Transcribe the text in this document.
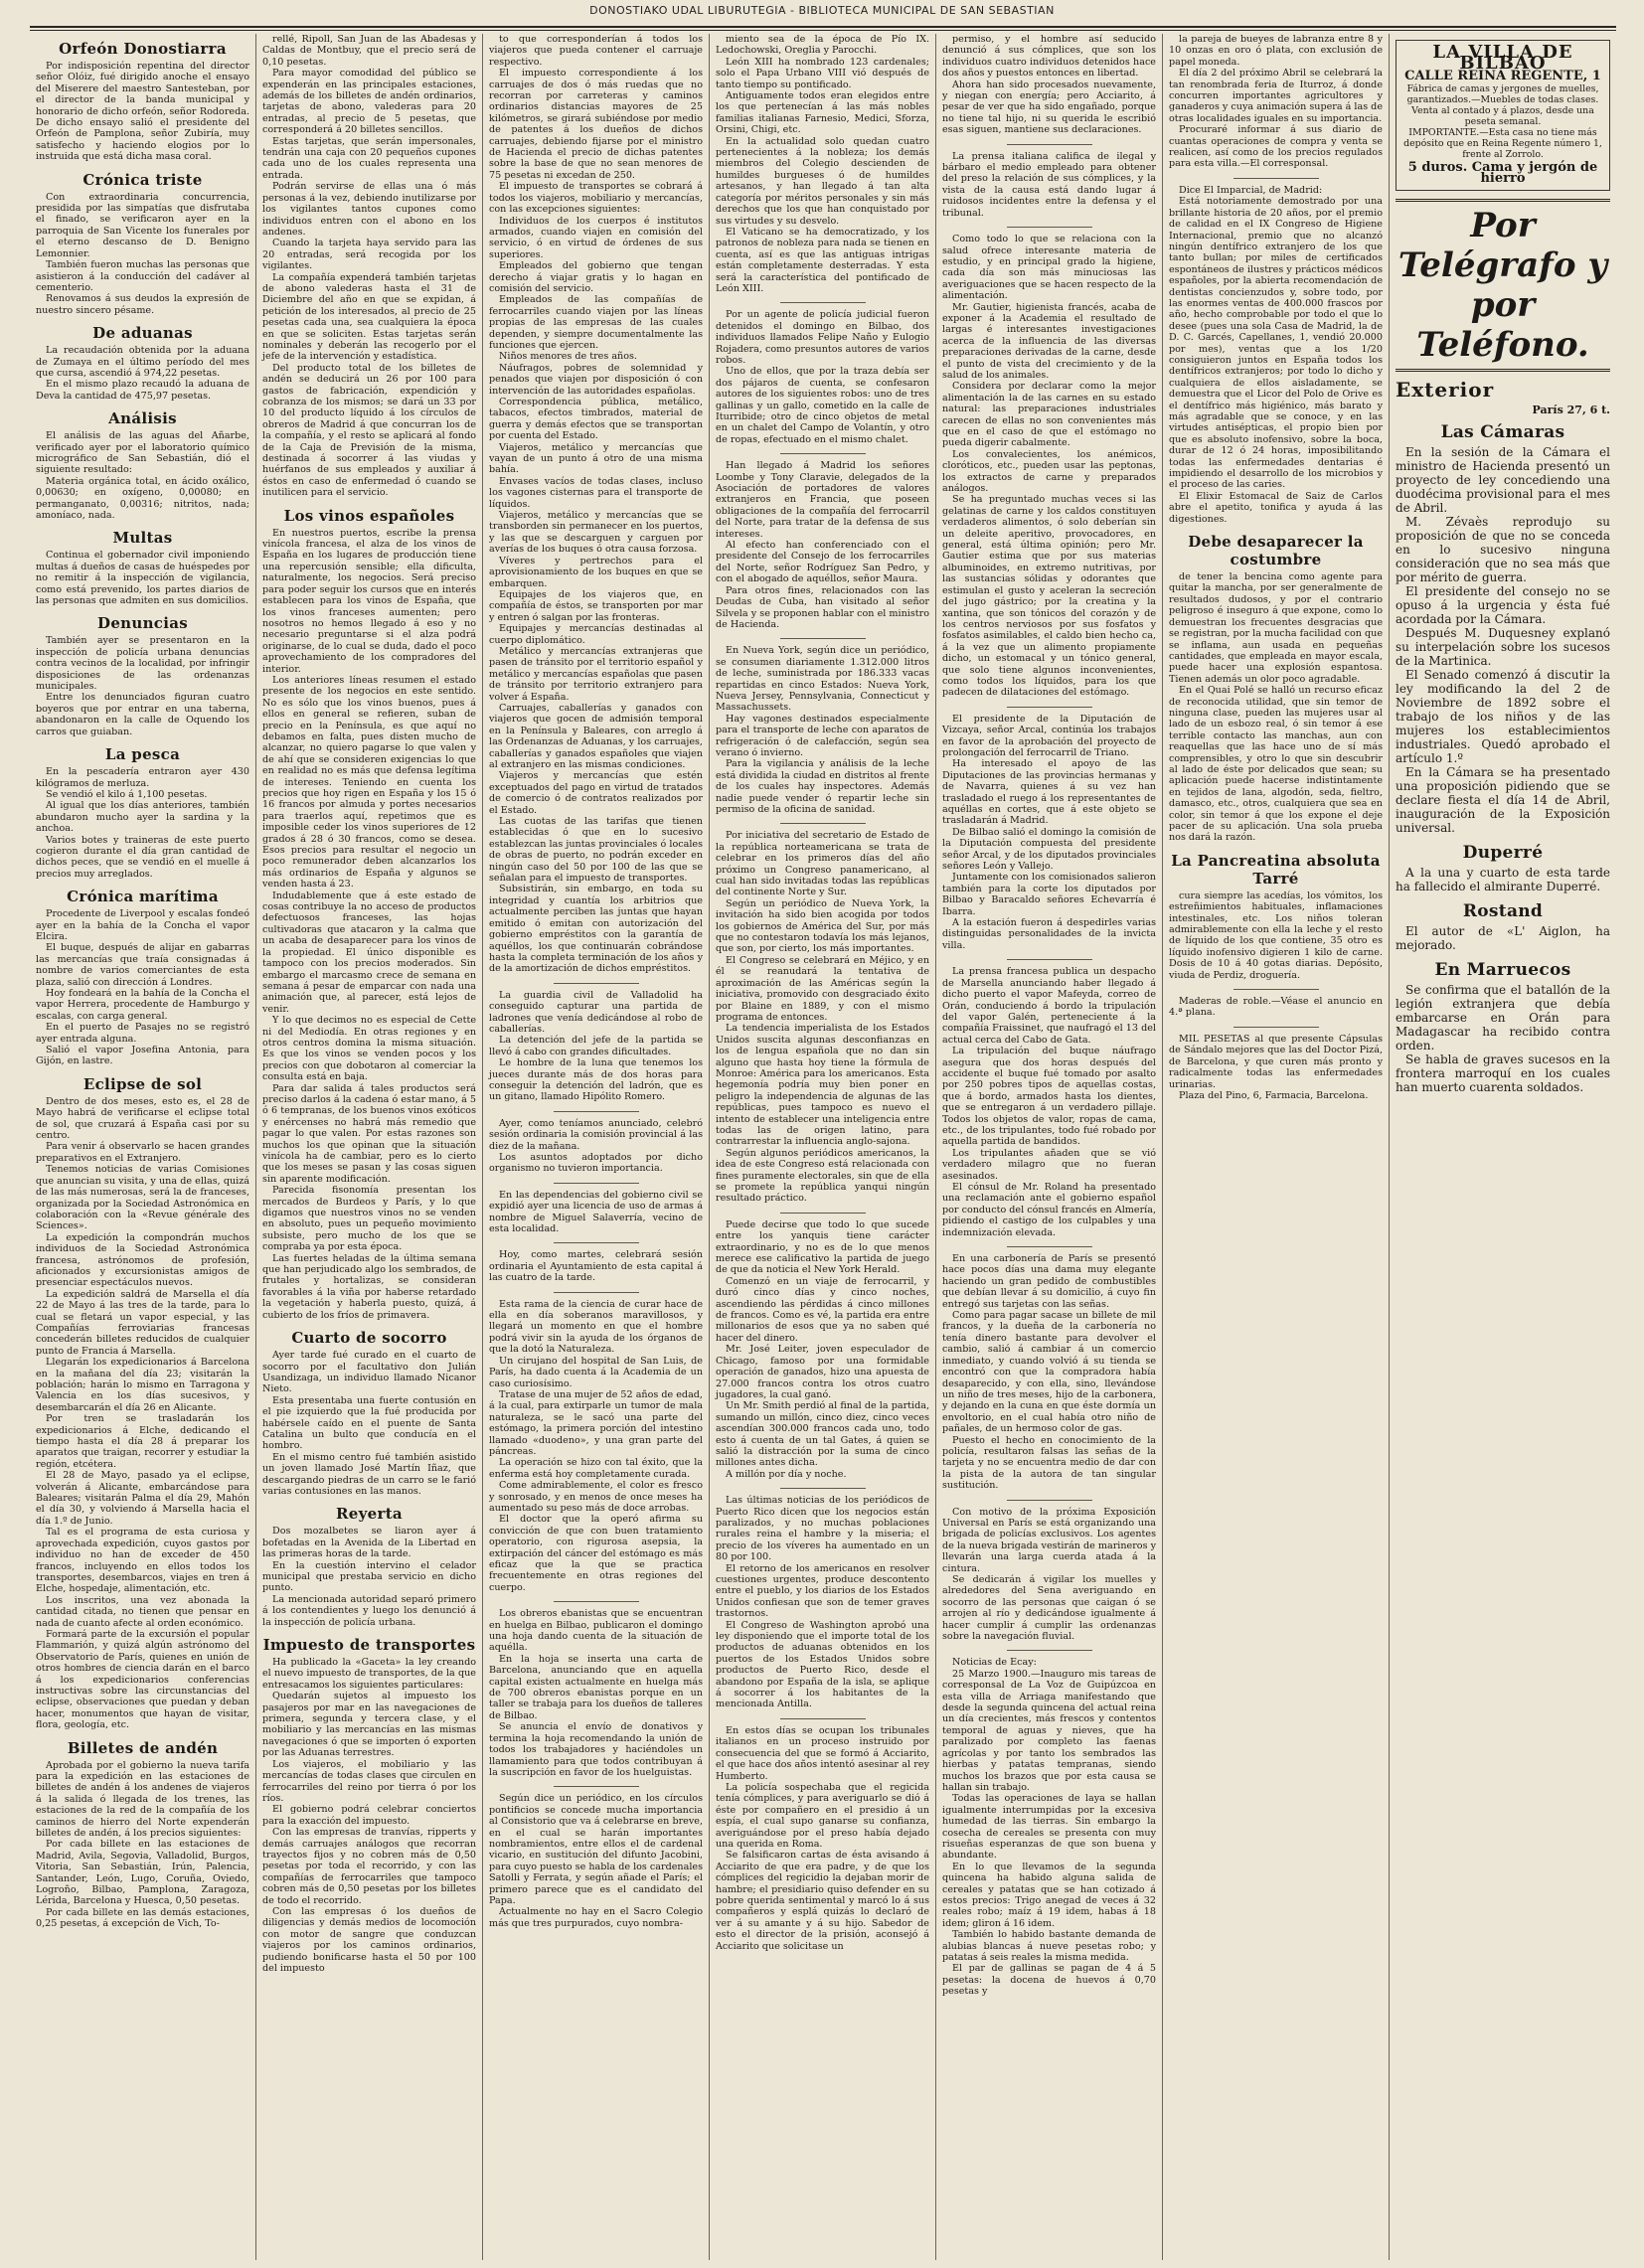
DONOSTIAKO UDAL LIBURUTEGIA - BIBLIOTECA MUNICIPAL DE SAN SEBASTIAN
Orfeón Donostiarra

Por indisposición repentina del director señor Olóiz, fué dirigido anoche el ensayo del Miserere del maestro Santesteban, por el director de la banda municipal y honorario de dicho orfeón, señor Rodoreda. De dicho ensayo salió el presidente del Orfeón de Pamplona, señor Zubiría, muy satisfecho y haciendo elogios por lo instruida que está dicha masa coral.

Crónica triste

Con extraordinaria concurrencia, presidida por las simpatías que disfrutaba el finado, se verificaron ayer en la parroquia de San Vicente los funerales por el eterno descanso de D. Benigno Lemonnier.

También fueron muchas las personas que asistieron á la conducción del cadáver al cementerio.

Renovamos á sus deudos la expresión de nuestro sincero pésame.

De aduanas

La recaudación obtenida por la aduana de Zumaya en el último período del mes que cursa, ascendió á 974,22 pesetas.

En el mismo plazo recaudó la aduana de Deva la cantidad de 475,97 pesetas.

Análisis

El análisis de las aguas del Añarbe, verificado ayer por el laboratorio químico micrográfico de San Sebastián, dió el siguiente resultado:

Materia orgánica total, en ácido oxálico, 0,00630; en oxígeno, 0,00080; en permanganato, 0,00316; nitritos, nada; amoníaco, nada.

Multas

Continua el gobernador civil imponiendo multas á dueños de casas de huéspedes por no remitir á la inspección de vigilancia, como está prevenido, los partes diarios de las personas que admiten en sus domicilios.

Denuncias

También ayer se presentaron en la inspección de policía urbana denuncias contra vecinos de la localidad, por infringir disposiciones de las ordenanzas municipales.

Entre los denunciados figuran cuatro boyeros que por entrar en una taberna, abandonaron en la calle de Oquendo los carros que guiaban.

La pesca

En la pescadería entraron ayer 430 kilógramos de merluza.

Se vendió el kilo á 1,100 pesetas.

Al igual que los días anteriores, también abundaron mucho ayer la sardina y la anchoa.

Varios botes y traineras de este puerto cogieron durante el día gran cantidad de dichos peces, que se vendió en el muelle á precios muy arreglados.

Crónica marítima

Procedente de Liverpool y escalas fondeó ayer en la bahía de la Concha el vapor Elcira.

El buque, después de alijar en gabarras las mercancías que traía consignadas á nombre de varios comerciantes de esta plaza, salió con dirección á Londres.

Hoy fondeará en la bahía de la Concha el vapor Herrera, procedente de Hamburgo y escalas, con carga general.

En el puerto de Pasajes no se registró ayer entrada alguna.

Salió el vapor Josefina Antonia, para Gijón, en lastre.

Eclipse de sol

Dentro de dos meses, esto es, el 28 de Mayo habrá de verificarse el eclipse total de sol, que cruzará á España casi por su centro.

Para venir á observarlo se hacen grandes preparativos en el Extranjero.

Tenemos noticias de varias Comisiones que anuncian su visita, y una de ellas, quizá de las más numerosas, será la de franceses, organizada por la Sociedad Astronómica en colaboración con la «Revue générale des Sciences».

La expedición la compondrán muchos individuos de la Sociedad Astronómica francesa, astrónomos de profesión, aficionados y excursionistas amigos de presenciar espectáculos nuevos.

La expedición saldrá de Marsella el día 22 de Mayo á las tres de la tarde, para lo cual se fletará un vapor especial, y las Compañías ferroviarias francesas concederán billetes reducidos de cualquier punto de Francia á Marsella.

Llegarán los expedicionarios á Barcelona en la mañana del día 23; visitarán la población; harán lo mismo en Tarragona y Valencia en los días sucesivos, y desembarcarán el día 26 en Alicante.

Por tren se trasladarán los expedicionarios á Elche, dedicando el tiempo hasta el día 28 á preparar los aparatos que traigan, recorrer y estudiar la región, etcétera.

El 28 de Mayo, pasado ya el eclipse, volverán á Alicante, embarcándose para Baleares; visitarán Palma el día 29, Mahón el día 30, y volviendo á Marsella hacia el día 1.º de Junio.

Tal es el programa de esta curiosa y aprovechada expedición, cuyos gastos por individuo no han de exceder de 450 francos, incluyendo en ellos todos los transportes, desembarcos, viajes en tren á Elche, hospedaje, alimentación, etc.

Los inscritos, una vez abonada la cantidad citada, no tienen que pensar en nada de cuanto afecte al orden económico.

Formará parte de la excursión el popular Flammarión, y quizá algún astrónomo del Observatorio de París, quienes en unión de otros hombres de ciencia darán en el barco á los expedicionarios conferencias instructivas sobre las circunstancias del eclipse, observaciones que puedan y deban hacer, monumentos que hayan de visitar, flora, geología, etc.

Billetes de andén

Aprobada por el gobierno la nueva tarifa para la expedición en las estaciones de billetes de andén á los andenes de viajeros á la salida ó llegada de los trenes, las estaciones de la red de la compañía de los caminos de hierro del Norte expenderán billetes de andén, á los precios siguientes:

Por cada billete en las estaciones de Madrid, Avila, Segovia, Valladolid, Burgos, Vitoria, San Sebastián, Irún, Palencia, Santander, León, Lugo, Coruña, Oviedo, Logroño, Bilbao, Pamplona, Zaragoza, Lérida, Barcelona y Huesca, 0,50 pesetas.

Por cada billete en las demás estaciones, 0,25 pesetas, á excepción de Vich, To-

rellé, Ripoll, San Juan de las Abadesas y Caldas de Montbuy, que el precio será de 0,10 pesetas.

Para mayor comodidad del público se expenderán en las principales estaciones, además de los billetes de andén ordinarios, tarjetas de abono, valederas para 20 entradas, al precio de 5 pesetas, que corresponderá á 20 billetes sencillos.

Estas tarjetas, que serán impersonales, tendrán una caja con 20 pequeños cupones cada uno de los cuales representa una entrada.

Podrán servirse de ellas una ó más personas á la vez, debiendo inutilizarse por los vigilantes tantos cupones como individuos entren con el abono en los andenes.

Cuando la tarjeta haya servido para las 20 entradas, será recogida por los vigilantes.

La compañía expenderá también tarjetas de abono valederas hasta el 31 de Diciembre del año en que se expidan, á petición de los interesados, al precio de 25 pesetas cada una, sea cualquiera la época en que se soliciten. Estas tarjetas serán nominales y deberán las recogerlo por el jefe de la intervención y estadística.

Del producto total de los billetes de andén se deducirá un 26 por 100 para gastos de fabricación, expendición y cobranza de los mismos; se dará un 33 por 10 del producto líquido á los círculos de obreros de Madrid á que concurran los de la compañía, y el resto se aplicará al fondo de la Caja de Previsión de la misma, destinada á socorrer á las viudas y huérfanos de sus empleados y auxiliar á éstos en caso de enfermedad ó cuando se inutilicen para el servicio.

Los vinos españoles

En nuestros puertos, escribe la prensa vinícola francesa, el alza de los vinos de España en los lugares de producción tiene una repercusión sensible; ella dificulta, naturalmente, los negocios. Será preciso para poder seguir los cursos que en interés establecen para los vinos de España, que los vinos franceses aumenten; pero nosotros no hemos llegado á eso y no necesario preguntarse si el alza podrá originarse, de lo cual se duda, dado el poco aprovechamiento de los compradores del interior.

Los anteriores líneas resumen el estado presente de los negocios en este sentido. No es sólo que los vinos buenos, pues á ellos en general se refieren, suban de precio en la Península, es que aquí no debamos en falta, pues disten mucho de alcanzar, no quiero pagarse lo que valen y de ahí que se consideren exigencias lo que en realidad no es más que defensa legítima de intereses. Teniendo en cuenta los precios que hoy rigen en España y los 15 ó 16 francos por almuda y portes necesarios para traerlos aquí, repetimos que es imposible ceder los vinos superiores de 12 grados á 28 ó 30 francos, como se desea. Esos precios para resultar el negocio un poco remunerador deben alcanzarlos los más ordinarios de España y algunos se venden hasta á 23.

Indudablemente que á este estado de cosas contribuye la no acceso de productos defectuosos franceses, las hojas cultivadoras que atacaron y la calma que un acaba de desaparecer para los vinos de la propiedad. El único disponible es tampoco con los precios moderados. Sin embargo el marcasmo crece de semana en semana á pesar de emparcar con nada una animación que, al parecer, está lejos de venir.

Y lo que decimos no es especial de Cette ni del Mediodía. En otras regiones y en otros centros domina la misma situación. Es que los vinos se venden pocos y los precios con que dobotaron al comerciar la consulta está en baja.

Para dar salida á tales productos será preciso darlos á la cadena ó estar mano, á 5 ó 6 tempranas, de los buenos vinos exóticos y enércenses no habrá más remedio que pagar lo que valen. Por estas razones son muchos los que opinan que la situación vinícola ha de cambiar, pero es lo cierto que los meses se pasan y las cosas siguen sin aparente modificación.

Parecida fisonomía presentan los mercados de Burdeos y París, y lo que digamos que nuestros vinos no se venden en absoluto, pues un pequeño movimiento subsiste, pero mucho de los que se compraba ya por esta época.

Las fuertes heladas de la última semana que han perjudicado algo los sembrados, de frutales y hortalizas, se consideran favorables á la viña por haberse retardado la vegetación y haberla puesto, quizá, á cubierto de los fríos de primavera.

Cuarto de socorro

Ayer tarde fué curado en el cuarto de socorro por el facultativo don Julián Usandizaga, un individuo llamado Nicanor Nieto.

Esta presentaba una fuerte contusión en el pie izquierdo que la fué producida por habérsele caído en el puente de Santa Catalina un bulto que conducía en el hombro.

En el mismo centro fué también asistido un joven llamado José Martín Iñaz, que descargando piedras de un carro se le farió varias contusiones en las manos.

Reyerta

Dos mozalbetes se liaron ayer á bofetadas en la Avenida de la Libertad en las primeras horas de la tarde.

En la cuestión intervino el celador municipal que prestaba servicio en dicho punto.

La mencionada autoridad separó primero á los contendientes y luego los denunció á la inspección de policía urbana.

Impuesto de transportes

Ha publicado la «Gaceta» la ley creando el nuevo impuesto de transportes, de la que entresacamos los siguientes particulares:

Quedarán sujetos al impuesto los pasajeros por mar en las navegaciones de primera, segunda y tercera clase, y el mobiliario y las mercancías en las mismas navegaciones ó que se importen ó exporten por las Aduanas terrestres.

Los viajeros, el mobiliario y las mercancías de todas clases que circulen en ferrocarriles del reino por tierra ó por los ríos.

El gobierno podrá celebrar conciertos para la exacción del impuesto.

Con las empresas de tranvías, ripperts y demás carruajes análogos que recorran trayectos fijos y no cobren más de 0,50 pesetas por toda el recorrido, y con las compañías de ferrocarriles que tampoco cobren más de 0,50 pesetas por los billetes de todo el recorrido.

Con las empresas ó los dueños de diligencias y demás medios de locomoción con motor de sangre que conduzcan viajeros por los caminos ordinarios, pudiendo bonificarse hasta el 50 por 100 del impuesto

to que corresponderían á todos los viajeros que pueda contener el carruaje respectivo.

El impuesto correspondiente á los carruajes de dos ó más ruedas que no recorran por carreteras y caminos ordinarios distancias mayores de 25 kilómetros, se girará subiéndose por medio de patentes á los dueños de dichos carruajes, debiendo fijarse por el ministro de Hacienda el precio de dichas patentes sobre la base de que no sean menores de 75 pesetas ni excedan de 250.

El impuesto de transportes se cobrará á todos los viajeros, mobiliario y mercancías, con las excepciones siguientes:

Individuos de los cuerpos é institutos armados, cuando viajen en comisión del servicio, ó en virtud de órdenes de sus superiores.

Empleados del gobierno que tengan derecho á viajar gratis y lo hagan en comisión del servicio.

Empleados de las compañías de ferrocarriles cuando viajen por las líneas propias de las empresas de las cuales dependen, y siempre documentalmente las funciones que ejercen.

Niños menores de tres años.

Náufragos, pobres de solemnidad y penados que viajen por disposición ó con intervención de las autoridades españolas.

Correspondencia pública, metálico, tabacos, efectos timbrados, material de guerra y demás efectos que se transportan por cuenta del Estado.

Viajeros, metálico y mercancías que vayan de un punto á otro de una misma bahía.

Envases vacíos de todas clases, incluso los vagones cisternas para el transporte de líquidos.

Viajeros, metálico y mercancías que se transborden sin permanecer en los puertos, y las que se descarguen y carguen por averías de los buques ó otra causa forzosa.

Víveres y pertrechos para el aprovisionamiento de los buques en que se embarquen.

Equipajes de los viajeros que, en compañía de éstos, se transporten por mar y entren ó salgan por las fronteras.

Equipajes y mercancías destinadas al cuerpo diplomático.

Metálico y mercancías extranjeras que pasen de tránsito por el territorio español y metálico y mercancías españolas que pasen de tránsito por territorio extranjero para volver á España.

Carruajes, caballerías y ganados con viajeros que gocen de admisión temporal en la Península y Baleares, con arreglo á las Ordenanzas de Aduanas, y los carruajes, caballerías y ganados españoles que viajen al extranjero en las mismas condiciones.

Viajeros y mercancías que estén exceptuados del pago en virtud de tratados de comercio ó de contratos realizados por el Estado.

Las cuotas de las tarifas que tienen establecidas ó que en lo sucesivo establezcan las juntas provinciales ó locales de obras de puerto, no podrán exceder en ningún caso del 50 por 100 de las que se señalan para el impuesto de transportes.

Subsistirán, sin embargo, en toda su integridad y cuantía los arbitrios que actualmente perciben las juntas que hayan emitido ó emitan con autorización del gobierno empréstitos con la garantía de aquéllos, los que continuarán cobrándose hasta la completa terminación de los años y de la amortización de dichos empréstitos.

La guardia civil de Valladolid ha conseguido capturar una partida de ladrones que venía dedicándose al robo de caballerías.

La detención del jefe de la partida se llevó á cabo con grandes dificultades.

Le hombre de la luna que tenemos los jueces durante más de dos horas para conseguir la detención del ladrón, que es un gitano, llamado Hipólito Romero.

Ayer, como teníamos anunciado, celebró sesión ordinaria la comisión provincial á las diez de la mañana.

Los asuntos adoptados por dicho organismo no tuvieron importancia.

En las dependencias del gobierno civil se expidió ayer una licencia de uso de armas á nombre de Miguel Salaverría, vecino de esta localidad.

Hoy, como martes, celebrará sesión ordinaria el Ayuntamiento de esta capital á las cuatro de la tarde.

Esta rama de la ciencia de curar hace de ella en día soberanos maravillosos, y llegará un momento en que el hombre podrá vivir sin la ayuda de los órganos de que la dotó la Naturaleza.

Un cirujano del hospital de San Luis, de París, ha dado cuenta á la Academia de un caso curiosísimo.

Tratase de una mujer de 52 años de edad, á la cual, para extirparle un tumor de mala naturaleza, se le sacó una parte del estómago, la primera porción del intestino llamado «duodeno», y una gran parte del páncreas.

La operación se hizo con tal éxito, que la enferma está hoy completamente curada.

Come admirablemente, el color es fresco y sonrosado, y en menos de once meses ha aumentado su peso más de doce arrobas.

El doctor que la operó afirma su convicción de que con buen tratamiento operatorio, con rigurosa asepsia, la extirpación del cáncer del estómago es más eficaz que la que se practica frecuentemente en otras regiones del cuerpo.

Los obreros ebanistas que se encuentran en huelga en Bilbao, publicaron el domingo una hoja dando cuenta de la situación de aquélla.

En la hoja se inserta una carta de Barcelona, anunciando que en aquella capital existen actualmente en huelga más de 700 obreros ebanistas porque en un taller se trabaja para los dueños de talleres de Bilbao.

Se anuncia el envío de donativos y termina la hoja recomendando la unión de todos los trabajadores y haciéndoles un llamamiento para que todos contribuyan á la suscripción en favor de los huelguistas.

Según dice un periódico, en los círculos pontificios se concede mucha importancia al Consistorio que va á celebrarse en breve, en el cual se harán importantes nombramientos, entre ellos el de cardenal vicario, en sustitución del difunto Jacobini, para cuyo puesto se habla de los cardenales Satolli y Ferrata, y según añade el París; el primero parece que es el candidato del Papa.

Actualmente no hay en el Sacro Colegio más que tres purpurados, cuyo nombra-

miento sea de la época de Pío IX. Ledochowski, Oreglia y Parocchi.

León XIII ha nombrado 123 cardenales; solo el Papa Urbano VIII vió después de tanto tiempo su pontificado.

Antiguamente todos eran elegidos entre los que pertenecían á las más nobles familias italianas Farnesio, Medici, Sforza, Orsini, Chigi, etc.

En la actualidad solo quedan cuatro pertenecientes á la nobleza; los demás miembros del Colegio descienden de humildes burgueses ó de humildes artesanos, y han llegado á tan alta categoría por méritos personales y sin más derechos que los que han conquistado por sus virtudes y su desvelo.

El Vaticano se ha democratizado, y los patronos de nobleza para nada se tienen en cuenta, así es que las antiguas intrigas están completamente desterradas. Y esta será la característica del pontificado de León XIII.

Por un agente de policía judicial fueron detenidos el domingo en Bilbao, dos individuos llamados Felipe Naño y Eulogio Rojadera, como presuntos autores de varios robos.

Uno de ellos, que por la traza debía ser dos pájaros de cuenta, se confesaron autores de los siguientes robos: uno de tres gallinas y un gallo, cometido en la calle de Iturribide; otro de cinco objetos de metal en un chalet del Campo de Volantín, y otro de ropas, efectuado en el mismo chalet.

Han llegado á Madrid los señores Loombe y Tony Claravie, delegados de la Asociación de portadores de valores extranjeros en Francia, que poseen obligaciones de la compañía del ferrocarril del Norte, para tratar de la defensa de sus intereses.

Al efecto han conferenciado con el presidente del Consejo de los ferrocarriles del Norte, señor Rodríguez San Pedro, y con el abogado de aquéllos, señor Maura.

Para otros fines, relacionados con las Deudas de Cuba, han visitado al señor Silvela y se proponen hablar con el ministro de Hacienda.

En Nueva York, según dice un periódico, se consumen diariamente 1.312.000 litros de leche, suministrada por 186.333 vacas repartidas en cinco Estados: Nueva York, Nueva Jersey, Pennsylvania, Connecticut y Massachussets.

Hay vagones destinados especialmente para el transporte de leche con aparatos de refrigeración ó de calefacción, según sea verano ó invierno.

Para la vigilancia y análisis de la leche está dividida la ciudad en distritos al frente de los cuales hay inspectores. Además nadie puede vender ó repartir leche sin permiso de la oficina de sanidad.

Por iniciativa del secretario de Estado de la república norteamericana se trata de celebrar en los primeros días del año próximo un Congreso panamericano, al cual han sido invitadas todas las repúblicas del continente Norte y Sur.

Según un periódico de Nueva York, la invitación ha sido bien acogida por todos los gobiernos de América del Sur, por más que no contestaron todavía los más lejanos, que son, por cierto, los más importantes.

El Congreso se celebrará en Méjico, y en él se reanudará la tentativa de aproximación de las Américas según la iniciativa, promovido con desgraciado éxito por Blaine en 1889, y con el mismo programa de entonces.

La tendencia imperialista de los Estados Unidos suscita algunas desconfianzas en los de lengua española que no dan sin alguno que hasta hoy tiene la fórmula de Monroe: América para los americanos. Esta hegemonía podría muy bien poner en peligro la independencia de algunas de las repúblicas, pues tampoco es nuevo el intento de establecer una inteligencia entre todas las de origen latino, para contrarrestar la influencia anglo-sajona.

Según algunos periódicos americanos, la idea de este Congreso está relacionada con fines puramente electorales, sin que de ella se promete la república yanqui ningún resultado práctico.

Puede decirse que todo lo que sucede entre los yanquis tiene carácter extraordinario, y no es de lo que menos merece ese calificativo la partida de juego de que da noticia el New York Herald.

Comenzó en un viaje de ferrocarril, y duró cinco días y cinco noches, ascendiendo las pérdidas á cinco millones de francos. Como es vé, la partida era entre millonarios de esos que ya no saben qué hacer del dinero.

Mr. José Leiter, joven especulador de Chicago, famoso por una formidable operación de ganados, hizo una apuesta de 27.000 francos contra los otros cuatro jugadores, la cual ganó.

Un Mr. Smith perdió al final de la partida, sumando un millón, cinco diez, cinco veces ascendían 300.000 francos cada uno, todo esto á cuenta de un tal Gates, á quien se salió la distracción por la suma de cinco millones antes dicha.

A millón por día y noche.

Las últimas noticias de los periódicos de Puerto Rico dicen que los negocios están paralizados, y no muchas poblaciones rurales reina el hambre y la miseria; el precio de los víveres ha aumentado en un 80 por 100.

El retorno de los americanos en resolver cuestiones urgentes, produce descontento entre el pueblo, y los diarios de los Estados Unidos confiesan que son de temer graves trastornos.

El Congreso de Washington aprobó una ley disponiendo que el importe total de los productos de aduanas obtenidos en los puertos de los Estados Unidos sobre productos de Puerto Rico, desde el abandono por España de la isla, se aplique á socorrer á los habitantes de la mencionada Antilla.

En estos días se ocupan los tribunales italianos en un proceso instruido por consecuencia del que se formó á Acciarito, el que hace dos años intentó asesinar al rey Humberto.

La policía sospechaba que el regicida tenía cómplices, y para averiguarlo se dió á éste por compañero en el presidio á un espía, el cual supo ganarse su confianza, averiguándose por el preso había dejado una querida en Roma.

Se falsificaron cartas de ésta avisando á Acciarito de que era padre, y de que los cómplices del regicidio la dejaban morir de hambre; el presidiario quiso defender en su pobre querida sentimental y marcó lo á sus compañeros y esplá quizás lo declaró de ver á su amante y á su hijo. Sabedor de esto el director de la prisión, aconsejó á Acciarito que solicitase un

permiso, y el hombre así seducido denunció á sus cómplices, que son los individuos cuatro individuos detenidos hace dos años y puestos entonces en libertad.

Ahora han sido procesados nuevamente, y niegan con energía; pero Acciarito, á pesar de ver que ha sido engañado, porque no tiene tal hijo, ni su querida le escribió esas siguen, mantiene sus declaraciones.

La prensa italiana califica de ilegal y bárbaro el medio empleado para obtener del preso la relación de sus cómplices, y la vista de la causa está dando lugar á ruidosos incidentes entre la defensa y el tribunal.

Como todo lo que se relaciona con la salud ofrece interesante materia de estudio, y en principal grado la higiene, cada día son más minuciosas las averiguaciones que se hacen respecto de la alimentación.

Mr. Gautier, higienista francés, acaba de exponer á la Academia el resultado de largas é interesantes investigaciones acerca de la influencia de las diversas preparaciones derivadas de la carne, desde el punto de vista del crecimiento y de la salud de los animales.

Considera por declarar como la mejor alimentación la de las carnes en su estado natural: las preparaciones industriales carecen de ellas no son convenientes más que en el caso de que el estómago no pueda digerir cabalmente.

Los convalecientes, los anémicos, cloróticos, etc., pueden usar las peptonas, los extractos de carne y preparados análogos.

Se ha preguntado muchas veces si las gelatinas de carne y los caldos constituyen verdaderos alimentos, ó solo deberían sin un deleite aperitivo, provocadores, en general, está última opinión; pero Mr. Gautier estima que por sus materias albuminoides, en extremo nutritivas, por las sustancias sólidas y odorantes que estimulan el gusto y aceleran la secreción del jugo gástrico; por la creatina y la xantina, que son tónicos del corazón y de los centros nerviosos por sus fosfatos y fosfatos asimilables, el caldo bien hecho ca, á la vez que un alimento propiamente dicho, un estomacal y un tónico general, que solo tiene algunos inconvenientes, como todos los líquidos, para los que padecen de dilataciones del estómago.

El presidente de la Diputación de Vizcaya, señor Arcal, continúa los trabajos en favor de la aprobación del proyecto de prolongación del ferrocarril de Triano.

Ha interesado el apoyo de las Diputaciones de las provincias hermanas y de Navarra, quienes á su vez han trasladado el ruego á los representantes de aquéllas en cortes, que á este objeto se trasladarán á Madrid.

De Bilbao salió el domingo la comisión de la Diputación compuesta del presidente señor Arcal, y de los diputados provinciales señores León y Vallejo.

Juntamente con los comisionados salieron también para la corte los diputados por Bilbao y Baracaldo señores Echevarría é Ibarra.

A la estación fueron á despedirles varias distinguidas personalidades de la invicta villa.

La prensa francesa publica un despacho de Marsella anunciando haber llegado á dicho puerto el vapor Mafeyda, correo de Orán, conduciendo á bordo la tripulación del vapor Galén, perteneciente á la compañía Fraissinet, que naufragó el 13 del actual cerca del Cabo de Gata.

La tripulación del buque náufrago asegura que dos horas después del accidente el buque fué tomado por asalto por 250 pobres tipos de aquellas costas, que á bordo, armados hasta los dientes, que se entregaron á un verdadero pillaje. Todos los objetos de valor, ropas de cama, etc., de los tripulantes, todo fué robado por aquella partida de bandidos.

Los tripulantes añaden que se vió verdadero milagro que no fueran asesinados.

El cónsul de Mr. Roland ha presentado una reclamación ante el gobierno español por conducto del cónsul francés en Almería, pidiendo el castigo de los culpables y una indemnización elevada.

En una carbonería de París se presentó hace pocos días una dama muy elegante haciendo un gran pedido de combustibles que debían llevar á su domicilio, á cuyo fin entregó sus tarjetas con las señas.

Como para pagar sacase un billete de mil francos, y la dueña de la carbonería no tenía dinero bastante para devolver el cambio, salió á cambiar á un comercio inmediato, y cuando volvió á su tienda se encontró con que la compradora había desaparecido, y con ella, sino, llevándose un niño de tres meses, hijo de la carbonera, y dejando en la cuna en que éste dormía un envoltorio, en el cual había otro niño de pañales, de un hermoso color de gas.

Puesto el hecho en conocimiento de la policía, resultaron falsas las señas de la tarjeta y no se encuentra medio de dar con la pista de la autora de tan singular sustitución.

Con motivo de la próxima Exposición Universal en París se está organizando una brigada de policías exclusivos. Los agentes de la nueva brigada vestirán de marineros y llevarán una larga cuerda atada á la cintura.

Se dedicarán á vigilar los muelles y alrededores del Sena averiguando en socorro de las personas que caigan ó se arrojen al río y dedicándose igualmente á hacer cumplir á cumplir las ordenanzas sobre la navegación fluvial.

Noticias de Ecay:

25 Marzo 1900.—Inauguro mis tareas de corresponsal de La Voz de Guipúzcoa en esta villa de Arriaga manifestando que desde la segunda quincena del actual reina un día crecientes, más frescos y contentos temporal de aguas y nieves, que ha paralizado por completo las faenas agrícolas y por tanto los sembrados las hierbas y patatas tempranas, siendo muchos los brazos que por esta causa se hallan sin trabajo.

Todas las operaciones de laya se hallan igualmente interrumpidas por la excesiva humedad de las tierras. Sin embargo la cosecha de cereales se presenta con muy risueñas esperanzas de que son buena y abundante.

En lo que llevamos de la segunda quincena ha habido alguna salida de cereales y patatas que se han cotizado á estos precios: Trigo anegad de veces á 32 reales robo; maíz á 19 idem, habas á 18 idem; gliron á 16 idem.

También lo habido bastante demanda de alubias blancas á nueve pesetas robo; y patatas á seis reales la misma medida.

El par de gallinas se pagan de 4 á 5 pesetas: la docena de huevos á 0,70 pesetas y

la pareja de bueyes de labranza entre 8 y 10 onzas en oro ó plata, con exclusión de papel moneda.

El día 2 del próximo Abril se celebrará la tan renombrada feria de Iturroz, á donde concurren importantes agricultores y ganaderos y cuya animación supera á las de otras localidades iguales en su importancia.

Procuraré informar á sus diario de cuantas operaciones de compra y venta se realicen, así como de los precios regulados para esta villa.—El corresponsal.

Dice El Imparcial, de Madrid:

Está notoriamente demostrado por una brillante historia de 20 años, por el premio de calidad en el IX Congreso de Higiene Internacional, premio que no alcanzó ningún dentífrico extranjero de los que tanto bullan; por miles de certificados espontáneos de ilustres y prácticos médicos españoles, por la abierta recomendación de dentistas concienzudos y, sobre todo, por las enormes ventas de 400.000 frascos por año, hecho comprobable por todo el que lo desee (pues una sola Casa de Madrid, la de D. C. Garcés, Capellanes, 1, vendió 20.000 por mes), ventas que a los 1/20 consiguieron juntos en España todos los dentífricos extranjeros; por todo lo dicho y cualquiera de ellos aisladamente, se demuestra que el Licor del Polo de Orive es el dentífrico más higiénico, más barato y más agradable que se conoce, y en las virtudes antisépticas, el propio bien por que es absoluto inofensivo, sobre la boca, durar de 12 ó 24 horas, imposibilitando todas las enfermedades dentarias é impidiendo el desarrollo de los microbios y el proceso de las caries.

El Elixir Estomacal de Saiz de Carlos abre el apetito, tonifica y ayuda á las digestiones.

Debe desaparecer la costumbre

de tener la bencina como agente para quitar la mancha, por ser generalmente de resultados dudosos, y por el contrario peligroso é inseguro á que expone, como lo demuestran los frecuentes desgracias que se registran, por la mucha facilidad con que se inflama, aun usada en pequeñas cantidades, que empleada en mayor escala, puede hacer una explosión espantosa. Tienen además un olor poco agradable.

En el Quai Polé se halló un recurso eficaz de reconocida utilidad, que sin temor de ninguna clase, pueden las mujeres usar al lado de un esbozo real, ó sin temor á ese terrible contacto las manchas, aun con reaquellas que las hace uno de sí más comprensibles, y otro lo que sin descubrir al lado de éste por delicados que sean; su aplicación puede hacerse indistintamente en tejidos de lana, algodón, seda, fieltro, damasco, etc., otros, cualquiera que sea en color, sin temor á que los expone el deje pacer de su aplicación. Una sola prueba nos dará la razón.

La Pancreatina absoluta Tarré

cura siempre las acedías, los vómitos, los estreñimientos habituales, inflamaciones intestinales, etc. Los niños toleran admirablemente con ella la leche y el resto de líquido de los que contiene, 35 otro es líquido inofensivo digieren 1 kilo de carne. Dosis de 10 á 40 gotas diarias. Depósito, viuda de Perdiz, droguería.

Maderas de roble.—Véase el anuncio en 4.ª plana.

MIL PESETAS al que presente Cápsulas de Sándalo mejores que las del Doctor Pizá, de Barcelona, y que curen más pronto y radicalmente todas las enfermedades urinarias.

Plaza del Pino, 6, Farmacia, Barcelona.

LA VILLA DE BILBAO
CALLE REINA REGENTE, 1
Fábrica de camas y jergones de muelles, garantizados.—Muebles de todas clases.
Venta al contado y á plazos, desde una peseta semanal.
IMPORTANTE.—Esta casa no tiene más depósito que en Reina Regente número 1, frente al Zorrolo.
5 duros. Cama y jergón de hierro
Por Telégrafo y por Teléfono.
Exterior
París 27, 6 t.
Las Cámaras

En la sesión de la Cámara el ministro de Hacienda presentó un proyecto de ley concediendo una duodécima provisional para el mes de Abril.

M. Zévaès reprodujo su proposición de que no se conceda en lo sucesivo ninguna consideración que no sea más que por mérito de guerra.

El presidente del consejo no se opuso á la urgencia y ésta fué acordada por la Cámara.

Después M. Duquesney explanó su interpelación sobre los sucesos de la Martinica.

El Senado comenzó á discutir la ley modificando la del 2 de Noviembre de 1892 sobre el trabajo de los niños y de las mujeres los establecimientos industriales. Quedó aprobado el artículo 1.º

En la Cámara se ha presentado una proposición pidiendo que se declare fiesta el día 14 de Abril, inauguración de la Exposición universal.

Duperré

A la una y cuarto de esta tarde ha fallecido el almirante Duperré.

Rostand

El autor de «L' Aiglon, ha mejorado.

En Marruecos

Se confirma que el batallón de la legión extranjera que debía embarcarse en Orán para Madagascar ha recibido contra orden.

Se habla de graves sucesos en la frontera marroquí en los cuales han muerto cuarenta soldados.
